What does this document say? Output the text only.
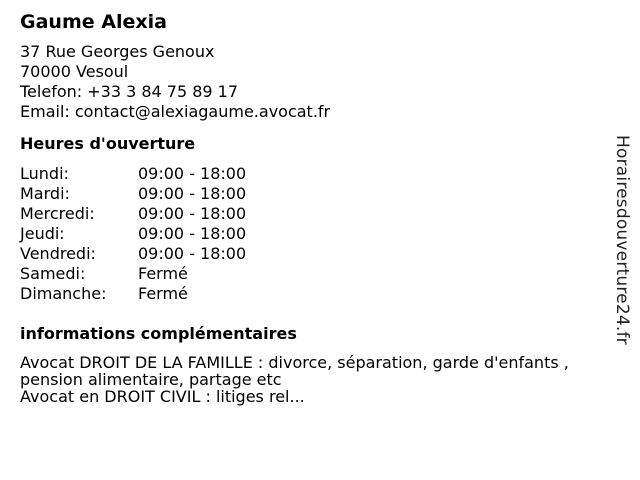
Gaume Alexia
37 Rue Georges Genoux
70000 Vesoul
Telefon: +33 3 84 75 89 17
Email: contact@alexiagaume.avocat.fr
Heures d'ouverture
Lundi:	09:00 - 18:00
Mardi:	09:00 - 18:00
Mercredi:	09:00 - 18:00
Jeudi:	09:00 - 18:00
Vendredi:	09:00 - 18:00
Samedi:	Fermé
Dimanche:	Fermé
informations complémentaires
Avocat DROIT DE LA FAMILLE : divorce, séparation, garde d'enfants , pension alimentaire, partage etc
Avocat en DROIT CIVIL : litiges rel...
Horairesdouverture24.fr
